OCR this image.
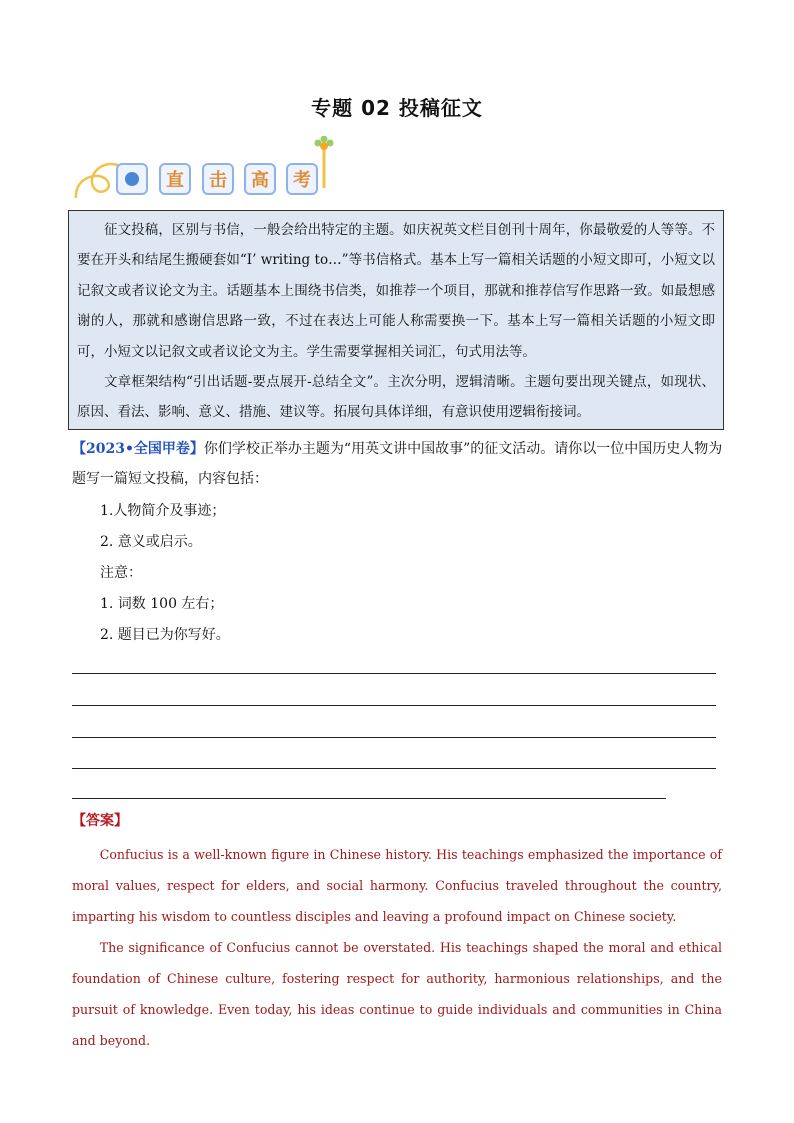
专题 02 投稿征文
直	击	高	考

征文投稿，区别与书信，一般会给出特定的主题。如庆祝英文栏目创刊十周年，你最敬爱的人等等。不要在开头和结尾生搬硬套如“I’ writing to…”等书信格式。基本上写一篇相关话题的小短文即可，小短文以记叙文或者议论文为主。话题基本上围绕书信类，如推荐一个项目，那就和推荐信写作思路一致。如最想感谢的人，那就和感谢信思路一致，不过在表达上可能人称需要换一下。基本上写一篇相关话题的小短文即可，小短文以记叙文或者议论文为主。学生需要掌握相关词汇，句式用法等。

文章框架结构“引出话题-要点展开-总结全文”。主次分明，逻辑清晰。主题句要出现关键点，如现状、原因、看法、影响、意义、措施、建议等。拓展句具体详细，有意识使用逻辑衔接词。

【2023•全国甲卷】你们学校正举办主题为“用英文讲中国故事”的征文活动。请你以一位中国历史人物为题写一篇短文投稿，内容包括：
1.人物简介及事迹；
2. 意义或启示。
注意：
1. 词数 100 左右；
2. 题目已为你写好。
【答案】

Confucius is a well-known figure in Chinese history. His teachings emphasized the importance of moral values, respect for elders, and social harmony. Confucius traveled throughout the country, imparting his wisdom to countless disciples and leaving a profound impact on Chinese society.

The significance of Confucius cannot be overstated. His teachings shaped the moral and ethical foundation of Chinese culture, fostering respect for authority, harmonious relationships, and the pursuit of knowledge. Even today, his ideas continue to guide individuals and communities in China and beyond.
